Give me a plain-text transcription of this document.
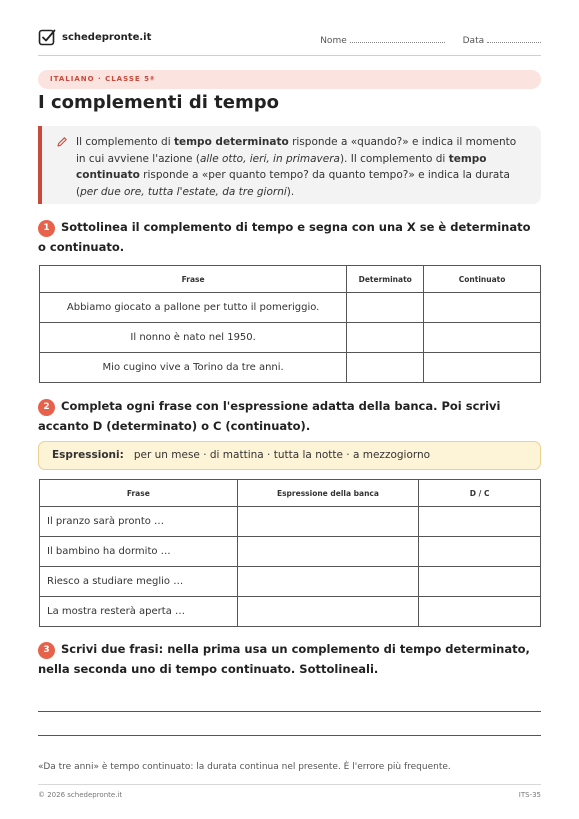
schedepronte.it	Nome	Data
ITALIANO · CLASSE 5ª
I complementi di tempo
Il complemento di tempo determinato risponde a «quando?» e indica il momento in cui avviene l'azione (alle otto, ieri, in primavera). Il complemento di tempo continuato risponde a «per quanto tempo? da quanto tempo?» e indica la durata (per due ore, tutta l'estate, da tre giorni).
1 Sottolinea il complemento di tempo e segna con una X se è determinato o continuato.
Frase	Determinato	Continuato
Abbiamo giocato a pallone per tutto il pomeriggio.		
Il nonno è nato nel 1950.		
Mio cugino vive a Torino da tre anni.		
2 Completa ogni frase con l'espressione adatta della banca. Poi scrivi accanto D (determinato) o C (continuato).
Espressioni: per un mese · di mattina · tutta la notte · a mezzogiorno
Frase	Espressione della banca	D / C
Il pranzo sarà pronto …		
Il bambino ha dormito …		
Riesco a studiare meglio …		
La mostra resterà aperta …		
3 Scrivi due frasi: nella prima usa un complemento di tempo determinato, nella seconda uno di tempo continuato. Sottolineali.
«Da tre anni» è tempo continuato: la durata continua nel presente. È l'errore più frequente.
© 2026 schedepronte.it	ITS-35
